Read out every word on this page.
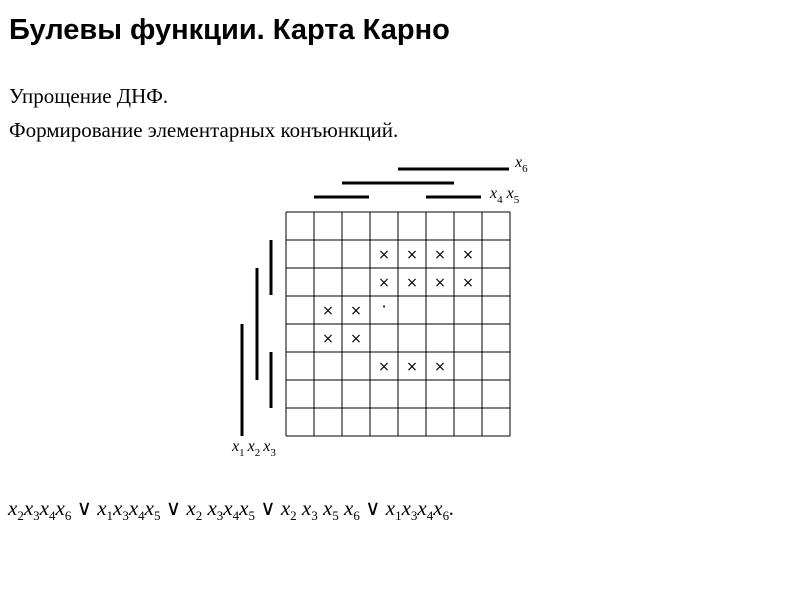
Булевы функции. Карта Карно

Упрощение ДНФ.

Формирование элементарных конъюнкций.

× × × ×
× × × ×
× × ·
× ×
× × ×
$x_6$
$x_4$ $x_5$
$x_1$ $x_2$ $x_3$
$x_2x_3x_4x_6$ ∨ $x_1x_3x_4x_5$ ∨ $x_2$ $x_3x_4x_5$ ∨ $x_2$ $x_3$ $x_5$ $x_6$ ∨ $x_1x_3x_4x_6$.
